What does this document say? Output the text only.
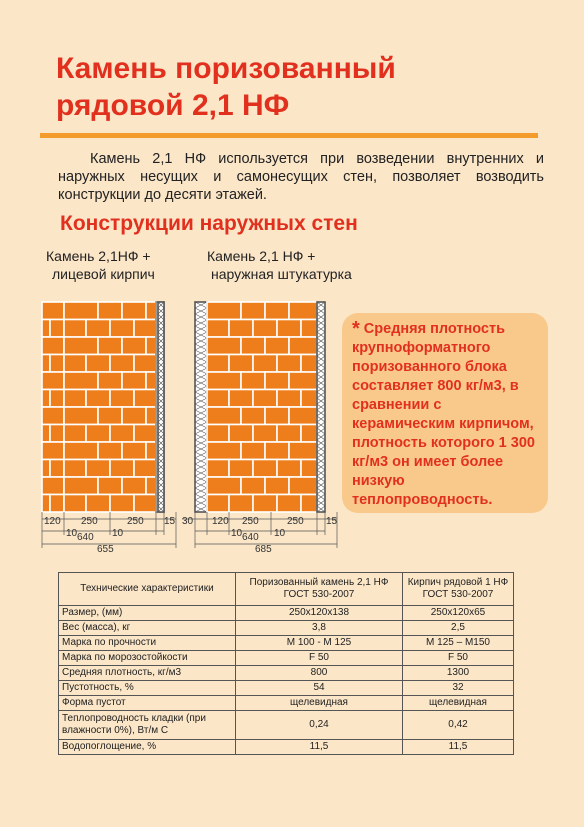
Камень поризованный
рядовой 2,1 НФ

Камень 2,1 НФ используется при возведении внутренних и наружных несущих и самонесущих стен, позволяет возводить конструкции до десяти этажей.

Конструкции наружных стен
Камень 2,1НФ +
лицевой кирпич
Камень 2,1 НФ +
наружная штукатурка
120 250	250 15
10 640 10
655
30 120 250	250 15
10 640 10
685
* Средняя плотность крупноформатного поризованного блока составляет 800 кг/м3, в сравнении с керамическим кирпичом, плотность которого 1 300 кг/м3 он имеет более низкую теплопроводность.
Технические характеристики	Поризованный камень 2,1 НФ ГОСТ 530-2007	Кирпич рядовой 1 НФ ГОСТ 530-2007
Размер, (мм)	250x120x138	250x120x65
Вес (масса), кг	3,8	2,5
Марка по прочности	M 100 - M 125	M 125 – M150
Марка по морозостойкости	F 50	F 50
Средняя плотность, кг/м3	800	1300
Пустотность, %	54	32
Форма пустот	щелевидная	щелевидная
Теплопроводность кладки (при влажности 0%), Вт/м С	0,24	0,42
Водопоглощение, %	11,5	11,5
